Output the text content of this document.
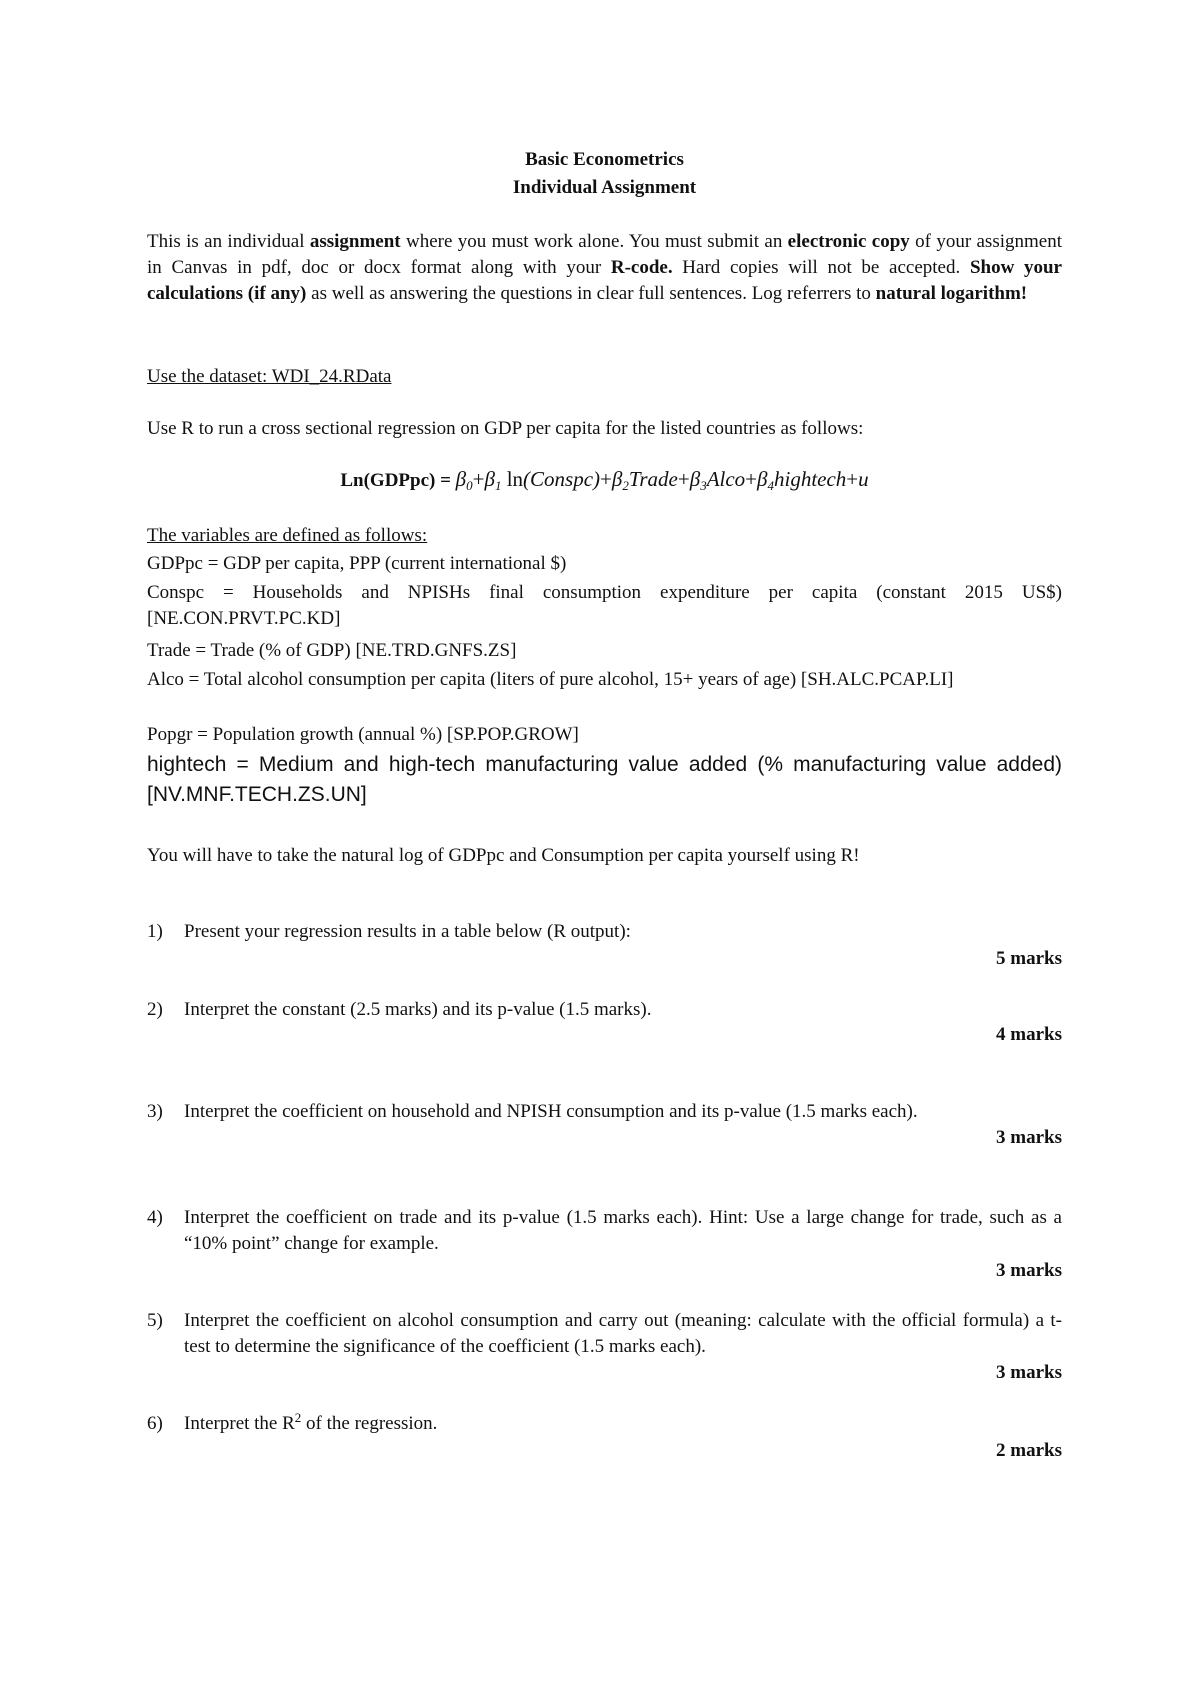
Basic Econometrics
Individual Assignment
This is an individual assignment where you must work alone. You must submit an electronic copy of your assignment in Canvas in pdf, doc or docx format along with your R-code. Hard copies will not be accepted. Show your calculations (if any) as well as answering the questions in clear full sentences. Log referrers to natural logarithm!
Use the dataset: WDI_24.RData
Use R to run a cross sectional regression on GDP per capita for the listed countries as follows:
Ln(GDPpc) = $\beta_0+\beta_1$ $\ln(Conspc)+\beta_2Trade+\beta_3Alco+\beta_4hightech+u$
The variables are defined as follows:
GDPpc = GDP per capita, PPP (current international $)
Conspc = Households and NPISHs final consumption expenditure per capita (constant 2015 US$) [NE.CON.PRVT.PC.KD]
Trade = Trade (% of GDP) [NE.TRD.GNFS.ZS]
Alco = Total alcohol consumption per capita (liters of pure alcohol, 15+ years of age) [SH.ALC.PCAP.LI]
Popgr = Population growth (annual %) [SP.POP.GROW]
hightech = Medium and high-tech manufacturing value added (% manufacturing value added) [NV.MNF.TECH.ZS.UN]
You will have to take the natural log of GDPpc and Consumption per capita yourself using R!
1) Present your regression results in a table below (R output):
5 marks
2) Interpret the constant (2.5 marks) and its p-value (1.5 marks).
4 marks
3) Interpret the coefficient on household and NPISH consumption and its p-value (1.5 marks each).
3 marks
4) Interpret the coefficient on trade and its p-value (1.5 marks each). Hint: Use a large change for trade, such as a “10% point” change for example.
3 marks
5) Interpret the coefficient on alcohol consumption and carry out (meaning: calculate with the official formula) a t-test to determine the significance of the coefficient (1.5 marks each).
3 marks
6) Interpret the $R^2$ of the regression.
2 marks
